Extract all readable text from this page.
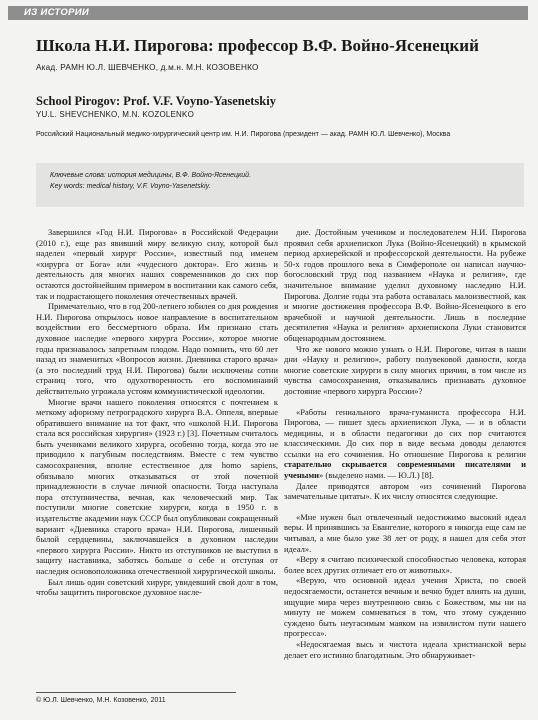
ИЗ ИСТОРИИ
Школа Н.И. Пирогова: профессор В.Ф. Войно-Ясенецкий
Акад. РАМН Ю.Л. ШЕВЧЕНКО, д.м.н. М.Н. КОЗОВЕНКО
School Pirogov: Prof. V.F. Voyno-Yasenetskiy
YU.L. SHEVCHENKO, M.N. KOZOLENKO
Российский Национальный медико-хирургический центр им. Н.И. Пирогова (президент — акад. РАМН Ю.Л. Шевченко), Москва
Ключевые слова: история медицины, В.Ф. Войно-Ясенецкий.
Key words: medical history, V.F. Voyno-Yasenetskiy.

Завершился «Год Н.И. Пирогова» в Российской Федерации (2010 г.), еще раз явивший миру великую силу, которой был наделен «первый хирург России», известный под именем «хирурга от Бога» или «чудесного доктора». Его жизнь и деятельность для многих наших современников до сих пор остаются достойнейшим примером в воспитании как самого себя, так и подрастающего поколения отечественных врачей.

Примечательно, что в год 200-летнего юбилея со дня рождения Н.И. Пирогова открылось новое направление в воспитательном воздействии его бессмертного образа. Им признано стать духовное наследие «первого хирурга России», которое многие годы признавалось запретным плодом. Надо помнить, что 60 лет назад из знаменитых «Вопросов жизни. Дневника старого врача» (а это последний труд Н.И. Пирогова) были исключены сотни страниц того, что одухотворенность его воспоминаний действительно угрожала устоям коммунистической идеологии.

Многие врачи нашего поколения относятся с почтением к меткому афоризму петроградского хирурга В.А. Оппеля, впервые обратившего внимание на тот факт, что «школой Н.И. Пирогова стала вся российская хирургия» (1923 г.) [3]. Почетным считалось быть учениками великого хирурга, особенно тогда, когда это не приводило к пагубным последствиям. Вместе с тем чувство самосохранения, вполне естественное для homo sapiens, обязывало многих отказываться от этой почетной принадлежности в случае личной опасности. Тогда наступала пора отступничества, вечная, как человеческий мир. Так поступили многие советские хирурги, когда в 1950 г. в издательстве академии наук СССР был опубликован сокращенный вариант «Дневника старого врача» Н.И. Пирогова, лишенный былой сердцевины, заключавшейся в духовном наследии «первого хирурга России». Никто из отступников не выступил в защиту наставника, заботясь больше о себе и отступая от наследия основоположника отечественной хирургической школы.

Был лишь один советский хирург, увидевший свой долг в том, чтобы защитить пироговское духовное насле-

дие. Достойным учеником и последователем Н.И. Пирогова проявил себя архиепископ Лука (Войно-Ясенецкий) в крымской период архиерейской и профессорской деятельности. На рубеже 50-х годов прошлого века в Симферополе он написал научно-богословский труд под названием «Наука и религия», где значительное внимание уделил духовному наследию Н.И. Пирогова. Долгие годы эта работа оставалась малоизвестной, как и многие достижения профессора В.Ф. Войно-Ясенецкого в его врачебной и научной деятельности. Лишь в последние десятилетия «Наука и религия» архиепископа Луки становится общенародным достоянием.

Что же нового можно узнать о Н.И. Пирогове, читая в наши дни «Науку и религию», работу полувековой давности, когда многие советские хирурги в силу многих причин, в том числе из чувства самосохранения, отказывались признавать духовное достояние «первого хирурга России»?

«Работы гениального врача-гуманиста профессора Н.И. Пирогова, — пишет здесь архиепископ Лука, — и в области медицины, и в области педагогики до сих пор считаются классическими. До сих пор в виде весьма доводы делаются ссылки на его сочинения. Но отношение Пирогова к религии старательно скрывается современными писателями и учеными» (выделено нами. — Ю.Л.) [8].

Далее приводятся автором «из сочинений Пирогова замечательные цитаты». К их числу относятся следующие.

«Мне нужен был отвлеченный недостижимо высокий идеал веры. И принявшись за Евангелие, которого я никогда еще сам не читывал, а мне было уже 38 лет от роду, я нашел для себя этот идеал».

«Веру я считаю психической способностью человека, которая более всех других отличает его от животных».

«Верую, что основной идеал учения Христа, по своей недосягаемости, останется вечным и вечно будет влиять на души, ищущие мира через внутреннюю связь с Божеством, мы ни на минуту не можем сомневаться в том, что этому суждению суждено быть неугасимым маяком на извилистом пути нашего прогресса».

«Недосягаемая высь и чистота идеала христианской веры делает его истинно благодатным. Это обнаруживает-

© Ю.Л. Шевченко, М.Н. Козовенко, 2011
